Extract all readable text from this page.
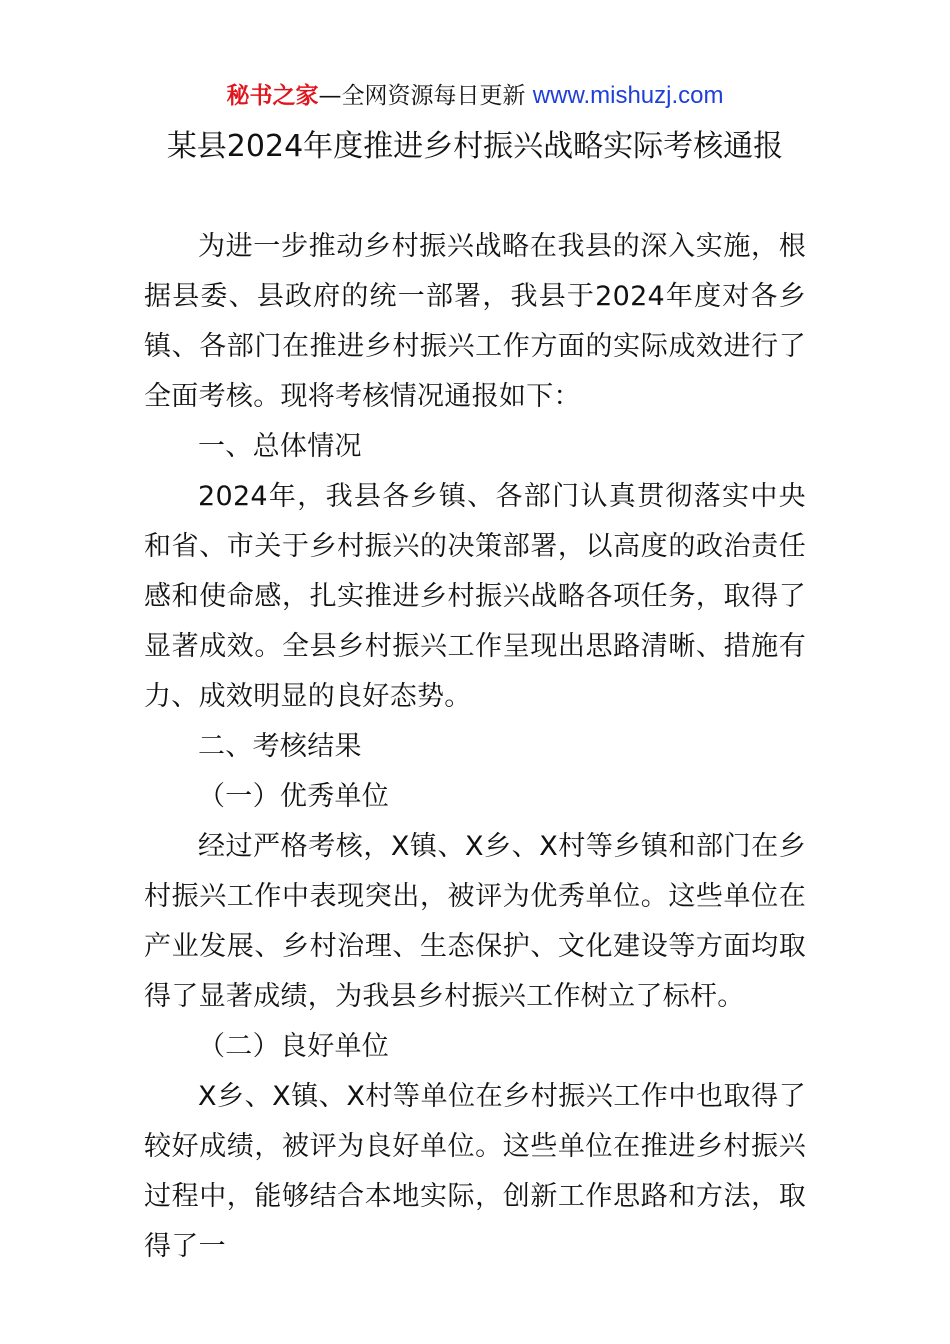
秘书之家—全网资源每日更新 www.mishuzj.com
某县2024年度推进乡村振兴战略实际考核通报

为进一步推动乡村振兴战略在我县的深入实施，根据县委、县政府的统一部署，我县于2024年度对各乡镇、各部门在推进乡村振兴工作方面的实际成效进行了全面考核。现将考核情况通报如下：

一、总体情况

2024年，我县各乡镇、各部门认真贯彻落实中央和省、市关于乡村振兴的决策部署，以高度的政治责任感和使命感，扎实推进乡村振兴战略各项任务，取得了显著成效。全县乡村振兴工作呈现出思路清晰、措施有力、成效明显的良好态势。

二、考核结果

（一）优秀单位

经过严格考核，X镇、X乡、X村等乡镇和部门在乡村振兴工作中表现突出，被评为优秀单位。这些单位在产业发展、乡村治理、生态保护、文化建设等方面均取得了显著成绩，为我县乡村振兴工作树立了标杆。

（二）良好单位

X乡、X镇、X村等单位在乡村振兴工作中也取得了较好成绩，被评为良好单位。这些单位在推进乡村振兴过程中，能够结合本地实际，创新工作思路和方法，取得了一
